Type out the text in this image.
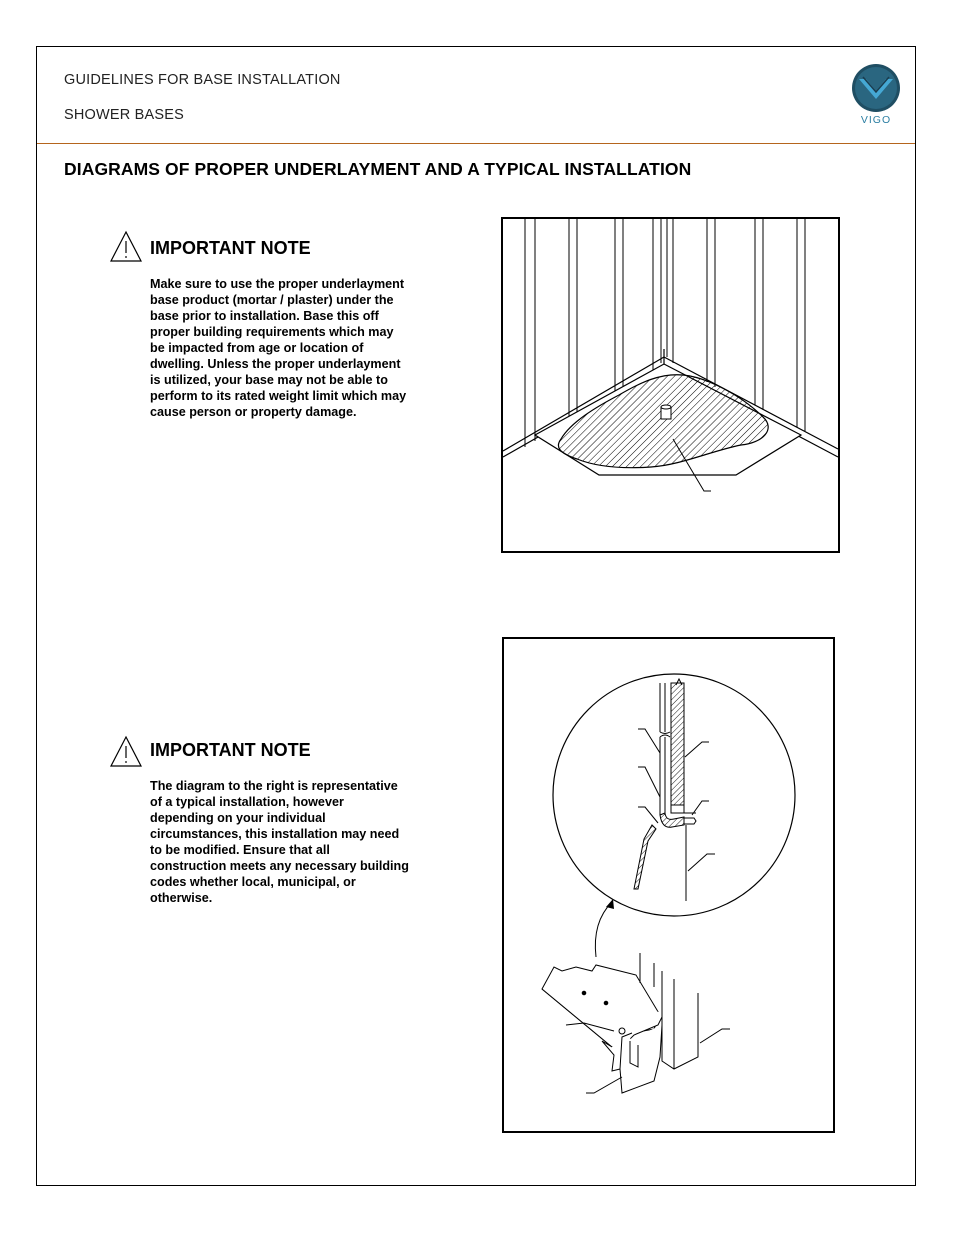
GUIDELINES FOR BASE INSTALLATION
SHOWER BASES	VIGO
DIAGRAMS OF PROPER UNDERLAYMENT AND A TYPICAL INSTALLATION
IMPORTANT NOTE
Make sure to use the proper underlayment
base product (mortar / plaster) under the
base prior to installation. Base this off
proper building requirements which may
be impacted from age or location of
dwelling. Unless the proper underlayment
is utilized, your base may not be able to
perform to its rated weight limit which may
cause person or property damage.
IMPORTANT NOTE
The diagram to the right is representative
of a typical installation, however
depending on your individual
circumstances, this installation may need
to be modified. Ensure that all
construction meets any necessary building
codes whether local, municipal, or
otherwise.
